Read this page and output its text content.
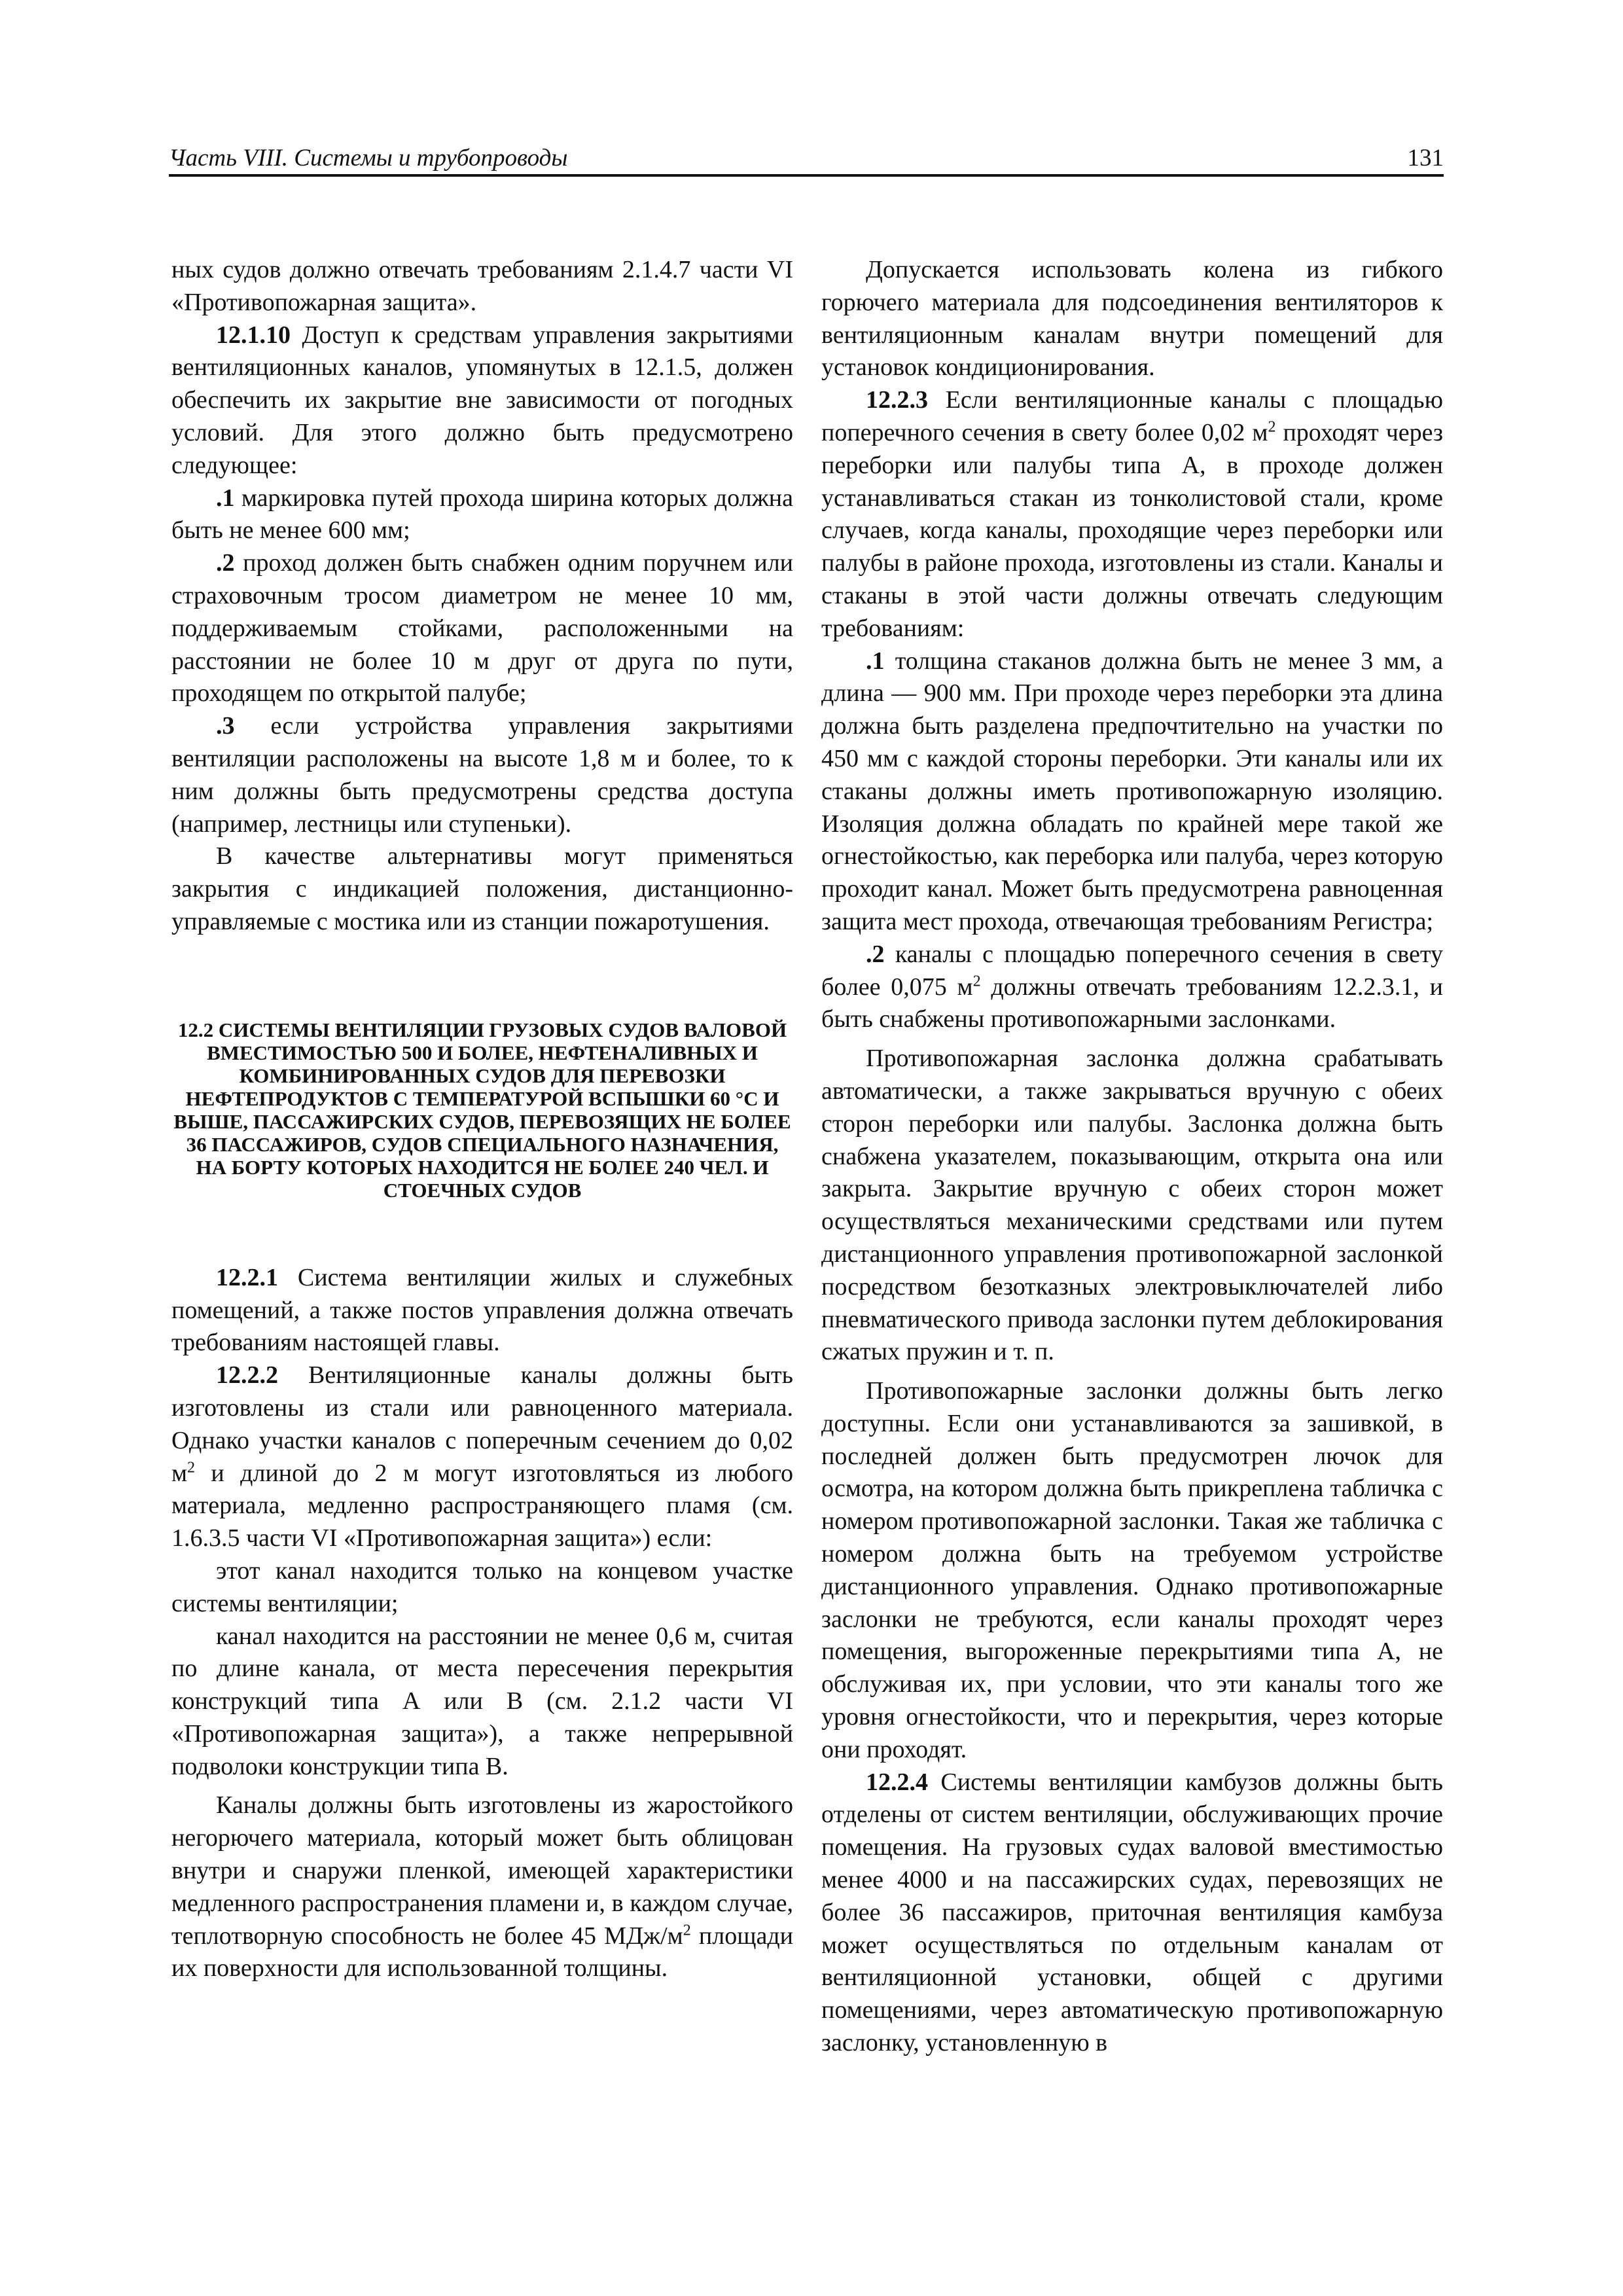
Часть VIII. Системы и трубопроводы	131

ных судов должно отвечать требованиям 2.1.4.7 части VI «Противопожарная защита».

12.1.10 Доступ к средствам управления закрытиями вентиляционных каналов, упомянутых в 12.1.5, должен обеспечить их закрытие вне зависимости от погодных условий. Для этого должно быть предусмотрено следующее:

.1 маркировка путей прохода ширина которых должна быть не менее 600 мм;

.2 проход должен быть снабжен одним поручнем или страховочным тросом диаметром не менее 10 мм, поддерживаемым стойками, расположенными на расстоянии не более 10 м друг от друга по пути, проходящем по открытой палубе;

.3 если устройства управления закрытиями вентиляции расположены на высоте 1,8 м и более, то к ним должны быть предусмотрены средства доступа (например, лестницы или ступеньки).

В качестве альтернативы могут применяться закрытия с индикацией положения, дистанционно-управляемые с мостика или из станции пожаротушения.

12.2 СИСТЕМЫ ВЕНТИЛЯЦИИ ГРУЗОВЫХ СУДОВ ВАЛОВОЙ ВМЕСТИМОСТЬЮ 500 И БОЛЕЕ, НЕФТЕНАЛИВНЫХ И КОМБИНИРОВАННЫХ СУДОВ ДЛЯ ПЕРЕВОЗКИ НЕФТЕПРОДУКТОВ С ТЕМПЕРАТУРОЙ ВСПЫШКИ 60 °С И ВЫШЕ, ПАССАЖИРСКИХ СУДОВ, ПЕРЕВОЗЯЩИХ НЕ БОЛЕЕ 36 ПАССАЖИРОВ, СУДОВ СПЕЦИАЛЬНОГО НАЗНАЧЕНИЯ, НА БОРТУ КОТОРЫХ НАХОДИТСЯ НЕ БОЛЕЕ 240 ЧЕЛ. И СТОЕЧНЫХ СУДОВ

12.2.1 Система вентиляции жилых и служебных помещений, а также постов управления должна отвечать требованиям настоящей главы.

12.2.2 Вентиляционные каналы должны быть изготовлены из стали или равноценного материала. Однако участки каналов с поперечным сечением до 0,02 $м^2$ и длиной до 2 м могут изготовляться из любого материала, медленно распространяющего пламя (см. 1.6.3.5 части VI «Противопожарная защита») если:

этот канал находится только на концевом участке системы вентиляции;

канал находится на расстоянии не менее 0,6 м, считая по длине канала, от места пересечения перекрытия конструкций типа А или В (см. 2.1.2 части VI «Противопожарная защита»), а также непрерывной подволоки конструкции типа В.

Каналы должны быть изготовлены из жаростойкого негорючего материала, который может быть облицован внутри и снаружи пленкой, имеющей характеристики медленного распространения пламени и, в каждом случае, теплотворную способность не более 45 МДж/$м^2$ площади их поверхности для использованной толщины.

Допускается использовать колена из гибкого горючего материала для подсоединения вентиляторов к вентиляционным каналам внутри помещений для установок кондиционирования.

12.2.3 Если вентиляционные каналы с площадью поперечного сечения в свету более 0,02 $м^2$ проходят через переборки или палубы типа А, в проходе должен устанавливаться стакан из тонколистовой стали, кроме случаев, когда каналы, проходящие через переборки или палубы в районе прохода, изготовлены из стали. Каналы и стаканы в этой части должны отвечать следующим требованиям:

.1 толщина стаканов должна быть не менее 3 мм, а длина — 900 мм. При проходе через переборки эта длина должна быть разделена предпочтительно на участки по 450 мм с каждой стороны переборки. Эти каналы или их стаканы должны иметь противопожарную изоляцию. Изоляция должна обладать по крайней мере такой же огнестойкостью, как переборка или палуба, через которую проходит канал. Может быть предусмотрена равноценная защита мест прохода, отвечающая требованиям Регистра;

.2 каналы с площадью поперечного сечения в свету более 0,075 $м^2$ должны отвечать требованиям 12.2.3.1, и быть снабжены противопожарными заслонками.

Противопожарная заслонка должна срабатывать автоматически, а также закрываться вручную с обеих сторон переборки или палубы. Заслонка должна быть снабжена указателем, показывающим, открыта она или закрыта. Закрытие вручную с обеих сторон может осуществляться механическими средствами или путем дистанционного управления противопожарной заслонкой посредством безотказных электровыключателей либо пневматического привода заслонки путем деблокирования сжатых пружин и т. п.

Противопожарные заслонки должны быть легко доступны. Если они устанавливаются за зашивкой, в последней должен быть предусмотрен лючок для осмотра, на котором должна быть прикреплена табличка с номером противопожарной заслонки. Такая же табличка с номером должна быть на требуемом устройстве дистанционного управления. Однако противопожарные заслонки не требуются, если каналы проходят через помещения, выгороженные перекрытиями типа А, не обслуживая их, при условии, что эти каналы того же уровня огнестойкости, что и перекрытия, через которые они проходят.

12.2.4 Системы вентиляции камбузов должны быть отделены от систем вентиляции, обслуживающих прочие помещения. На грузовых судах валовой вместимостью менее 4000 и на пассажирских судах, перевозящих не более 36 пассажиров, приточная вентиляция камбуза может осуществляться по отдельным каналам от вентиляционной установки, общей с другими помещениями, через автоматическую противопожарную заслонку, установленную в
